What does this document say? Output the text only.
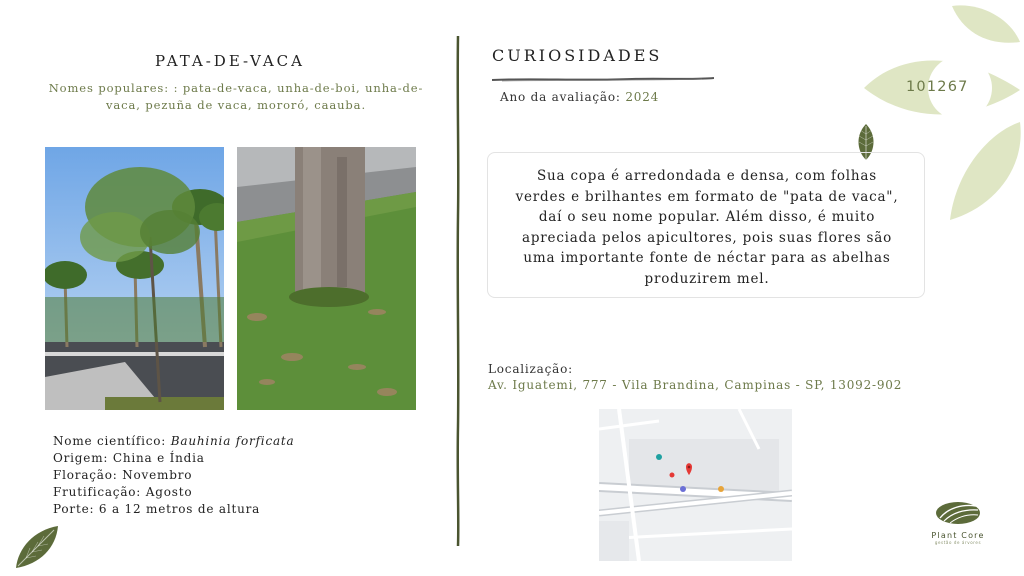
PATA-DE-VACA
Nomes populares: : pata-de-vaca, unha-de-boi, unha-de-vaca, pezuña de vaca, mororó, caauba.
Nome científico: Bauhinia forficata
Origem: China e Índia
Floração: Novembro
Frutificação: Agosto
Porte: 6 a 12 metros de altura
CURIOSIDADES
Ano da avaliação: 2024
101267
Sua copa é arredondada e densa, com folhas verdes e brilhantes em formato de "pata de vaca", daí o seu nome popular. Além disso, é muito apreciada pelos apicultores, pois suas flores são uma importante fonte de néctar para as abelhas produzirem mel.
Localização:
Av. Iguatemi, 777 - Vila Brandina, Campinas - SP, 13092-902
Plant Core
gestão de árvores
